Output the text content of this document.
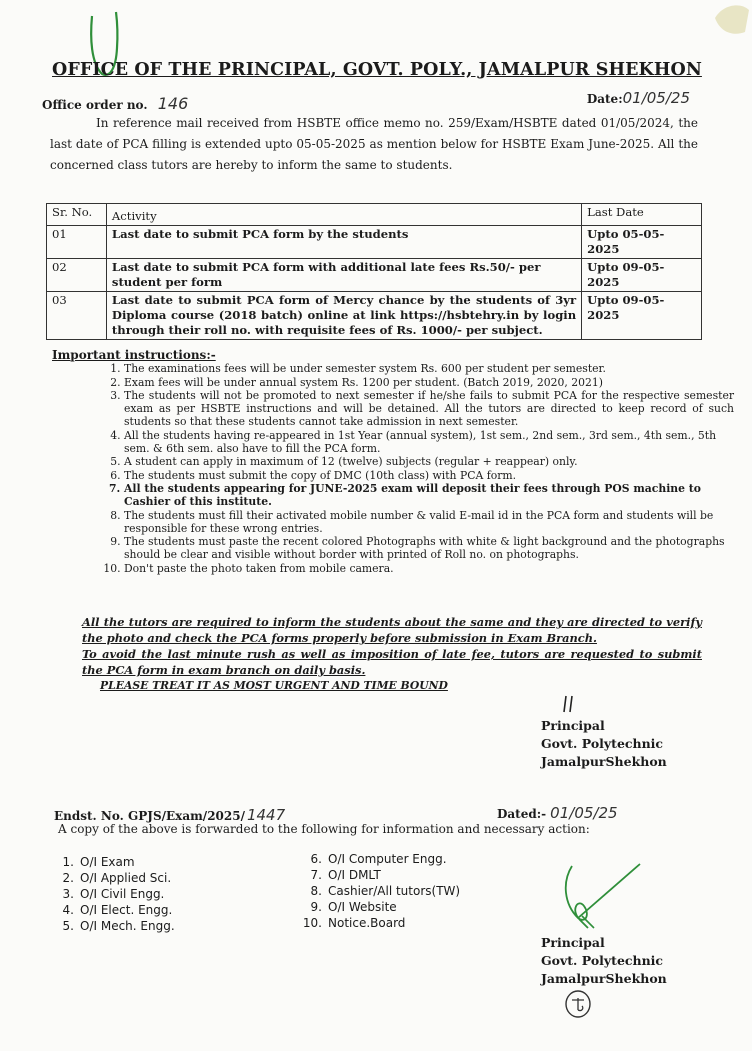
OFFICE OF THE PRINCIPAL, GOVT. POLY., JAMALPUR SHEKHON
Office order no. 146	Date:01/05/25

In reference mail received from HSBTE office memo no. 259/Exam/HSBTE dated 01/05/2024, the last date of PCA filling is extended upto 05-05-2025 as mention below for HSBTE Exam June-2025. All the concerned class tutors are hereby to inform the same to students.

Sr. No.	Activity	Last Date
01	Last date to submit PCA form by the students	Upto 05-05-2025
02	Last date to submit PCA form with additional late fees Rs.50/- per student per form	Upto 09-05-2025
03	Last date to submit PCA form of Mercy chance by the students of 3yr Diploma course (2018 batch) online at link https://hsbtehry.in by login through their roll no. with requisite fees of Rs. 1000/- per subject.	Upto 09-05-2025
Important instructions:-
1. The examinations fees will be under semester system Rs. 600 per student per semester.
2. Exam fees will be under annual system Rs. 1200 per student. (Batch 2019, 2020, 2021)
3. The students will not be promoted to next semester if he/she fails to submit PCA for the respective semester exam as per HSBTE instructions and will be detained. All the tutors are directed to keep record of such students so that these students cannot take admission in next semester.
4. All the students having re-appeared in 1st Year (annual system), 1st sem., 2nd sem., 3rd sem., 4th sem., 5th sem. & 6th sem. also have to fill the PCA form.
5. A student can apply in maximum of 12 (twelve) subjects (regular + reappear) only.
6. The students must submit the copy of DMC (10th class) with PCA form.
7. All the students appearing for JUNE-2025 exam will deposit their fees through POS machine to Cashier of this institute.
8. The students must fill their activated mobile number & valid E-mail id in the PCA form and students will be responsible for these wrong entries.
9. The students must paste the recent colored Photographs with white & light background and the photographs should be clear and visible without border with printed of Roll no. on photographs.
10. Don't paste the photo taken from mobile camera.

All the tutors are required to inform the students about the same and they are directed to verify the photo and check the PCA forms properly before submission in Exam Branch.

To avoid the last minute rush as well as imposition of late fee, tutors are requested to submit the PCA form in exam branch on daily basis.

PLEASE TREAT IT AS MOST URGENT AND TIME BOUND

Principal
Govt. Polytechnic
JamalpurShekhon
Endst. No. GPJS/Exam/2025/ 1447	Dated:- 01/05/25
A copy of the above is forwarded to the following for information and necessary action:
1. O/I Exam
2. O/I Applied Sci.
3. O/I Civil Engg.
4. O/I Elect. Engg.
5. O/I Mech. Engg.
6. O/I Computer Engg.
7. O/I DMLT
8. Cashier/All tutors(TW)
9. O/I Website
10. Notice.Board
Principal
Govt. Polytechnic
JamalpurShekhon
